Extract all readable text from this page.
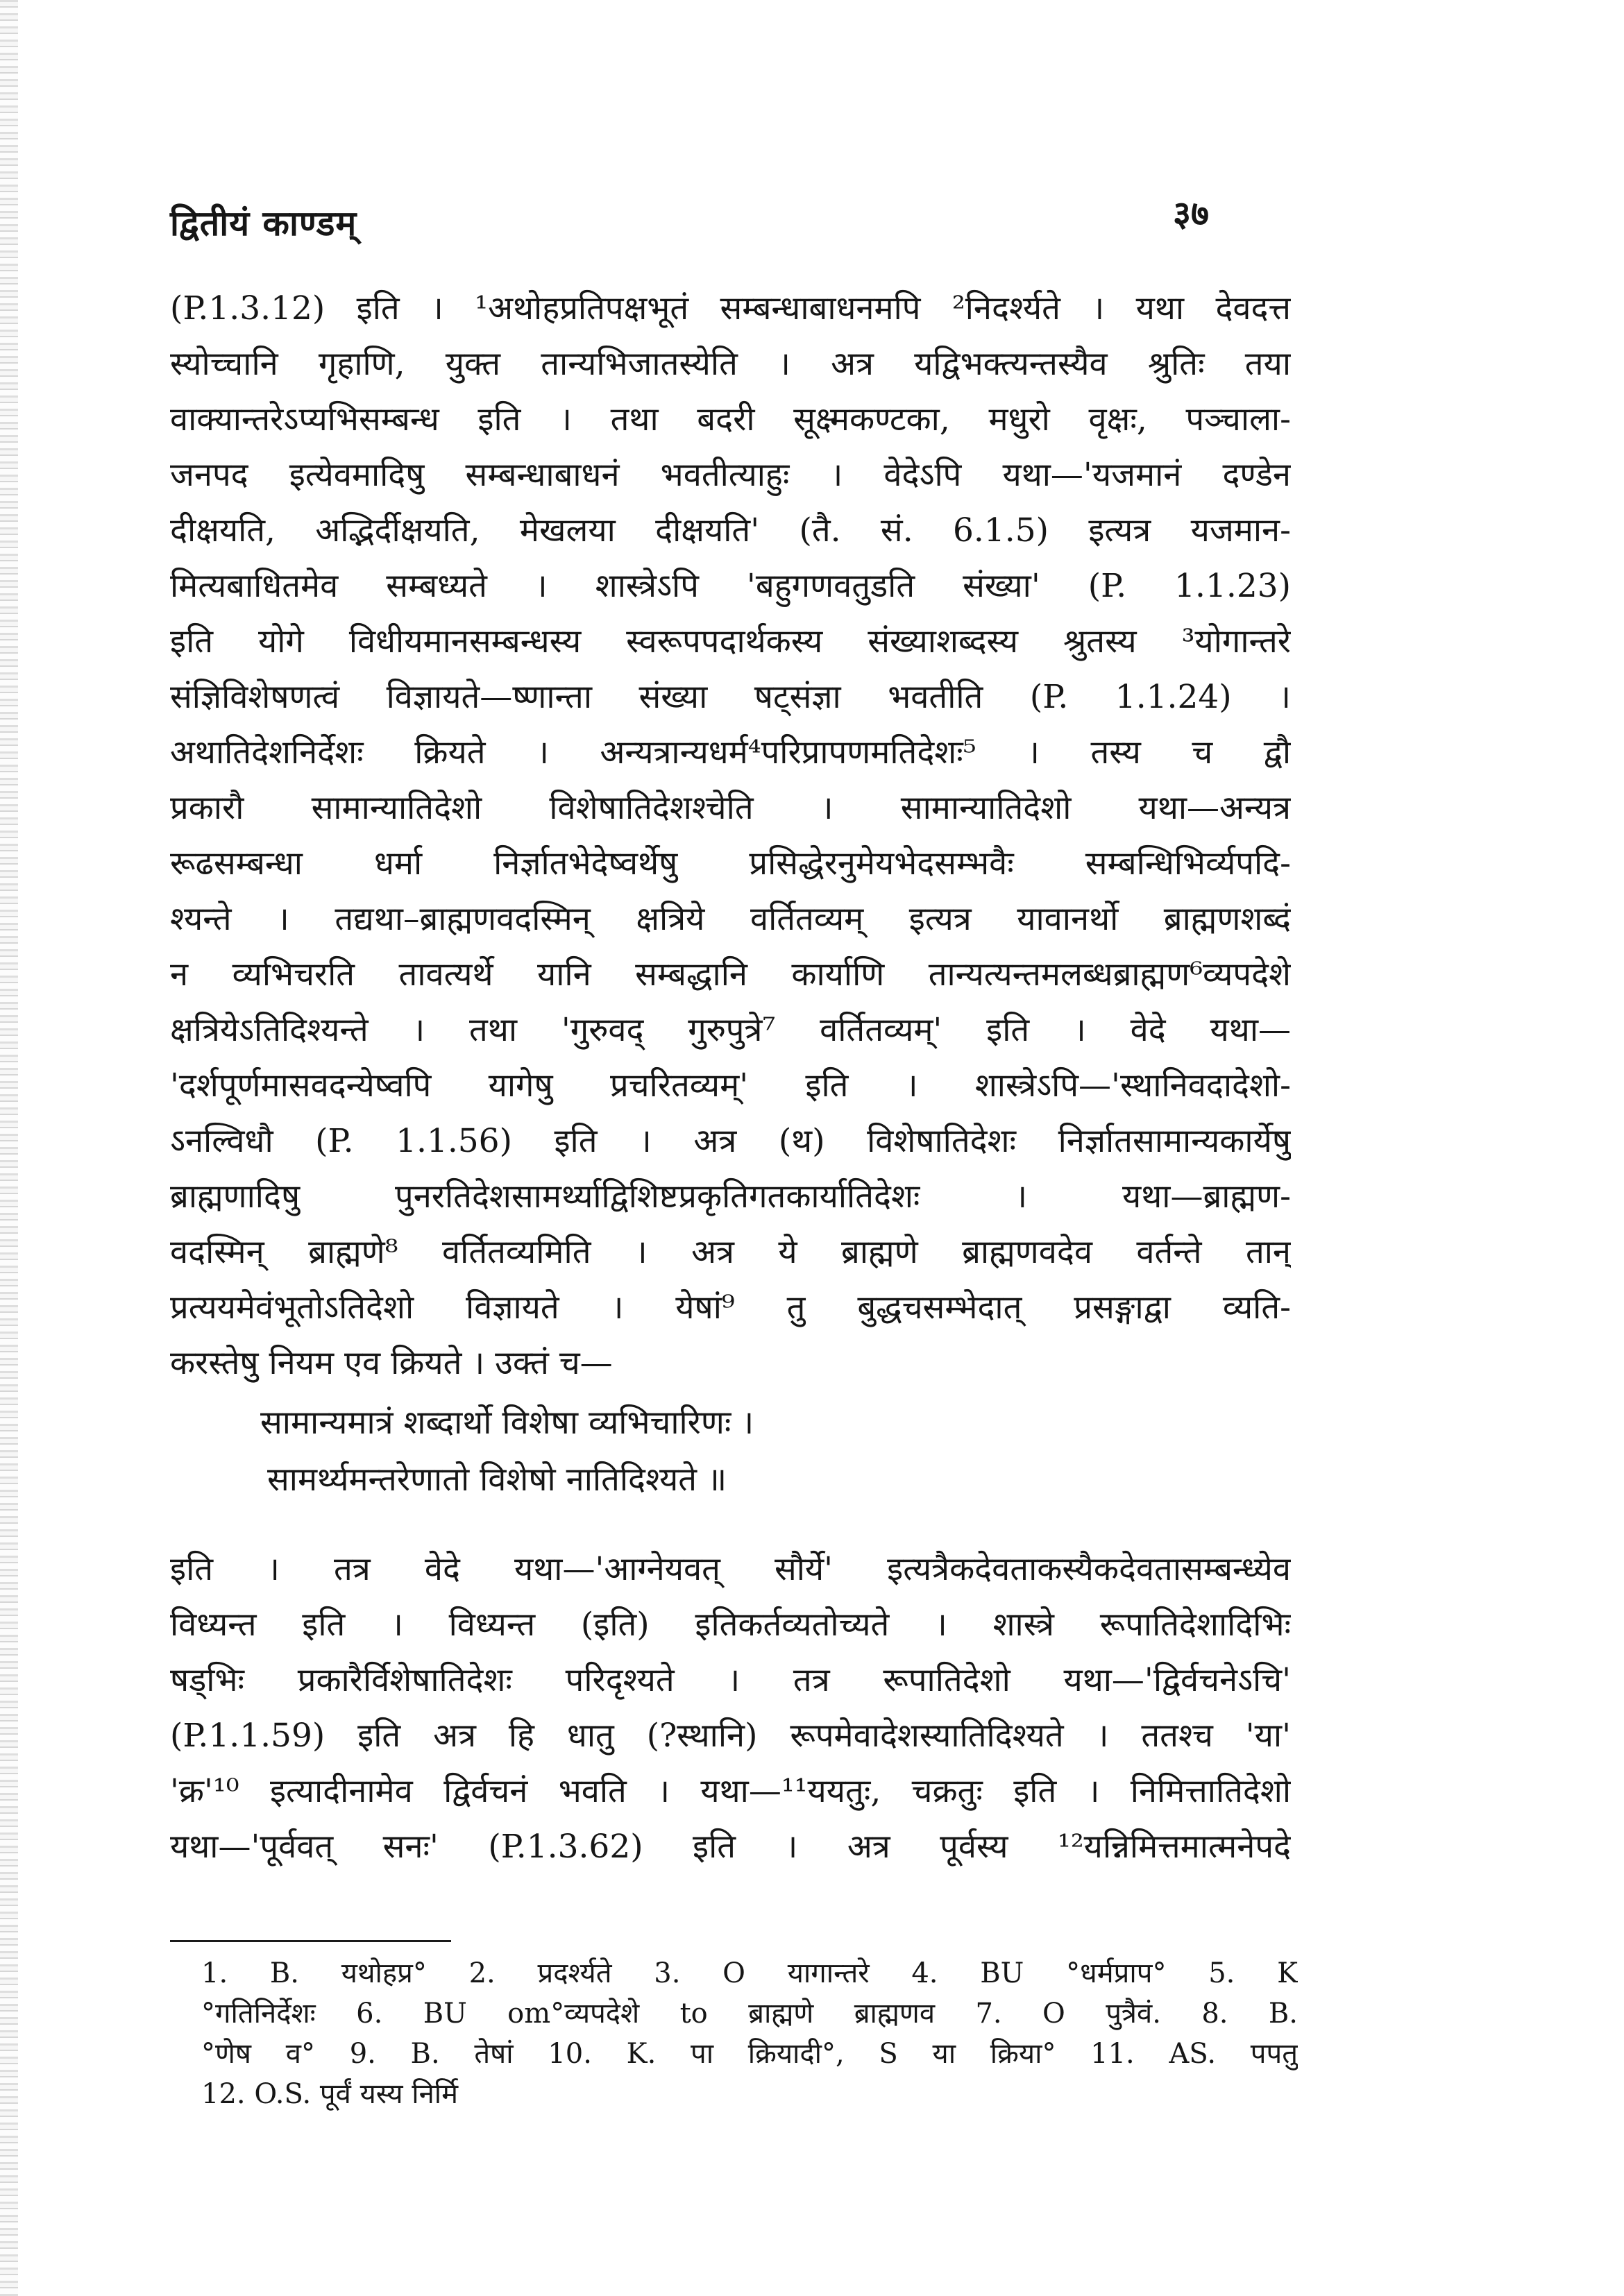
द्वितीयं काण्डम्	३७
(P.1.3.12) इति । ¹अथोहप्रतिपक्षभूतं सम्बन्धाबाधनमपि ²निदर्श्यते । यथा देवदत्त
स्योच्चानि गृहाणि, युक्त तान्यभिजातस्येति । अत्र यद्विभक्त्यन्तस्यैव श्रुतिः तया
वाक्यान्तरेऽप्यभिसम्बन्ध इति । तथा बदरी सूक्ष्मकण्टका, मधुरो वृक्षः, पञ्चाला-
जनपद इत्येवमादिषु सम्बन्धाबाधनं भवतीत्याहुः । वेदेऽपि यथा—'यजमानं दण्डेन
दीक्षयति, अद्भिर्दीक्षयति, मेखलया दीक्षयति' (तै. सं. 6.1.5) इत्यत्र यजमान-
मित्यबाधितमेव सम्बध्यते । शास्त्रेऽपि 'बहुगणवतुडति संख्या' (P. 1.1.23)
इति योगे विधीयमानसम्बन्धस्य स्वरूपपदार्थकस्य संख्याशब्दस्य श्रुतस्य ³योगान्तरे
संज्ञिविशेषणत्वं विज्ञायते—ष्णान्ता संख्या षट्संज्ञा भवतीति (P. 1.1.24) ।
अथातिदेशनिर्देशः क्रियते । अन्यत्रान्यधर्म⁴परिप्रापणमतिदेशः⁵ । तस्य च द्वौ
प्रकारौ सामान्यातिदेशो विशेषातिदेशश्चेति । सामान्यातिदेशो यथा—अन्यत्र
रूढसम्बन्धा धर्मा निर्ज्ञातभेदेष्वर्थेषु प्रसिद्धेरनुमेयभेदसम्भवैः सम्बन्धिभिर्व्यपदि-
श्यन्ते । तद्यथा–ब्राह्मणवदस्मिन् क्षत्रिये वर्तितव्यम् इत्यत्र यावानर्थो ब्राह्मणशब्दं
न व्यभिचरति तावत्यर्थे यानि सम्बद्धानि कार्याणि तान्यत्यन्तमलब्धब्राह्मण⁶व्यपदेशे
क्षत्रियेऽतिदिश्यन्ते । तथा 'गुरुवद् गुरुपुत्रे⁷ वर्तितव्यम्' इति । वेदे यथा—
'दर्शपूर्णमासवदन्येष्वपि यागेषु प्रचरितव्यम्' इति । शास्त्रेऽपि—'स्थानिवदादेशो-
ऽनल्विधौ (P. 1.1.56) इति । अत्र (थ) विशेषातिदेशः निर्ज्ञातसामान्यकार्येषु
ब्राह्मणादिषु पुनरतिदेशसामर्थ्याद्विशिष्टप्रकृतिगतकार्यातिदेशः । यथा—ब्राह्मण-
वदस्मिन् ब्राह्मणे⁸ वर्तितव्यमिति । अत्र ये ब्राह्मणे ब्राह्मणवदेव वर्तन्ते तान्
प्रत्ययमेवंभूतोऽतिदेशो विज्ञायते । येषां⁹ तु बुद्धचसम्भेदात् प्रसङ्गाद्वा व्यति-
करस्तेषु नियम एव क्रियते । उक्तं च—
सामान्यमात्रं शब्दार्थो विशेषा व्यभिचारिणः ।
सामर्थ्यमन्तरेणातो विशेषो नातिदिश्यते ॥
इति । तत्र वेदे यथा—'आग्नेयवत् सौर्ये' इत्यत्रैकदेवताकस्यैकदेवतासम्बन्ध्येव
विध्यन्त इति । विध्यन्त (इति) इतिकर्तव्यतोच्यते । शास्त्रे रूपातिदेशादिभिः
षड्भिः प्रकारैर्विशेषातिदेशः परिदृश्यते । तत्र रूपातिदेशो यथा—'द्विर्वचनेऽचि'
(P.1.1.59) इति अत्र हि धातु (?स्थानि) रूपमेवादेशस्यातिदिश्यते । ततश्च 'या'
'क्र'¹⁰ इत्यादीनामेव द्विर्वचनं भवति । यथा—¹¹ययतुः, चक्रतुः इति । निमित्तातिदेशो
यथा—'पूर्ववत् सनः' (P.1.3.62) इति । अत्र पूर्वस्य ¹²यन्निमित्तमात्मनेपदे
1. B. यथोहप्र° 2. प्रदर्श्यते 3. O यागान्तरे 4. BU °धर्मप्राप° 5. K
°गतिनिर्देशः 6. BU om°व्यपदेशे to ब्राह्मणे ब्राह्मणव 7. O पुत्रैवं. 8. B.
°णेष व° 9. B. तेषां 10. K. पा क्रियादी°, S या क्रिया° 11. AS. पपतु
12. O.S. पूर्वं यस्य निर्मि
